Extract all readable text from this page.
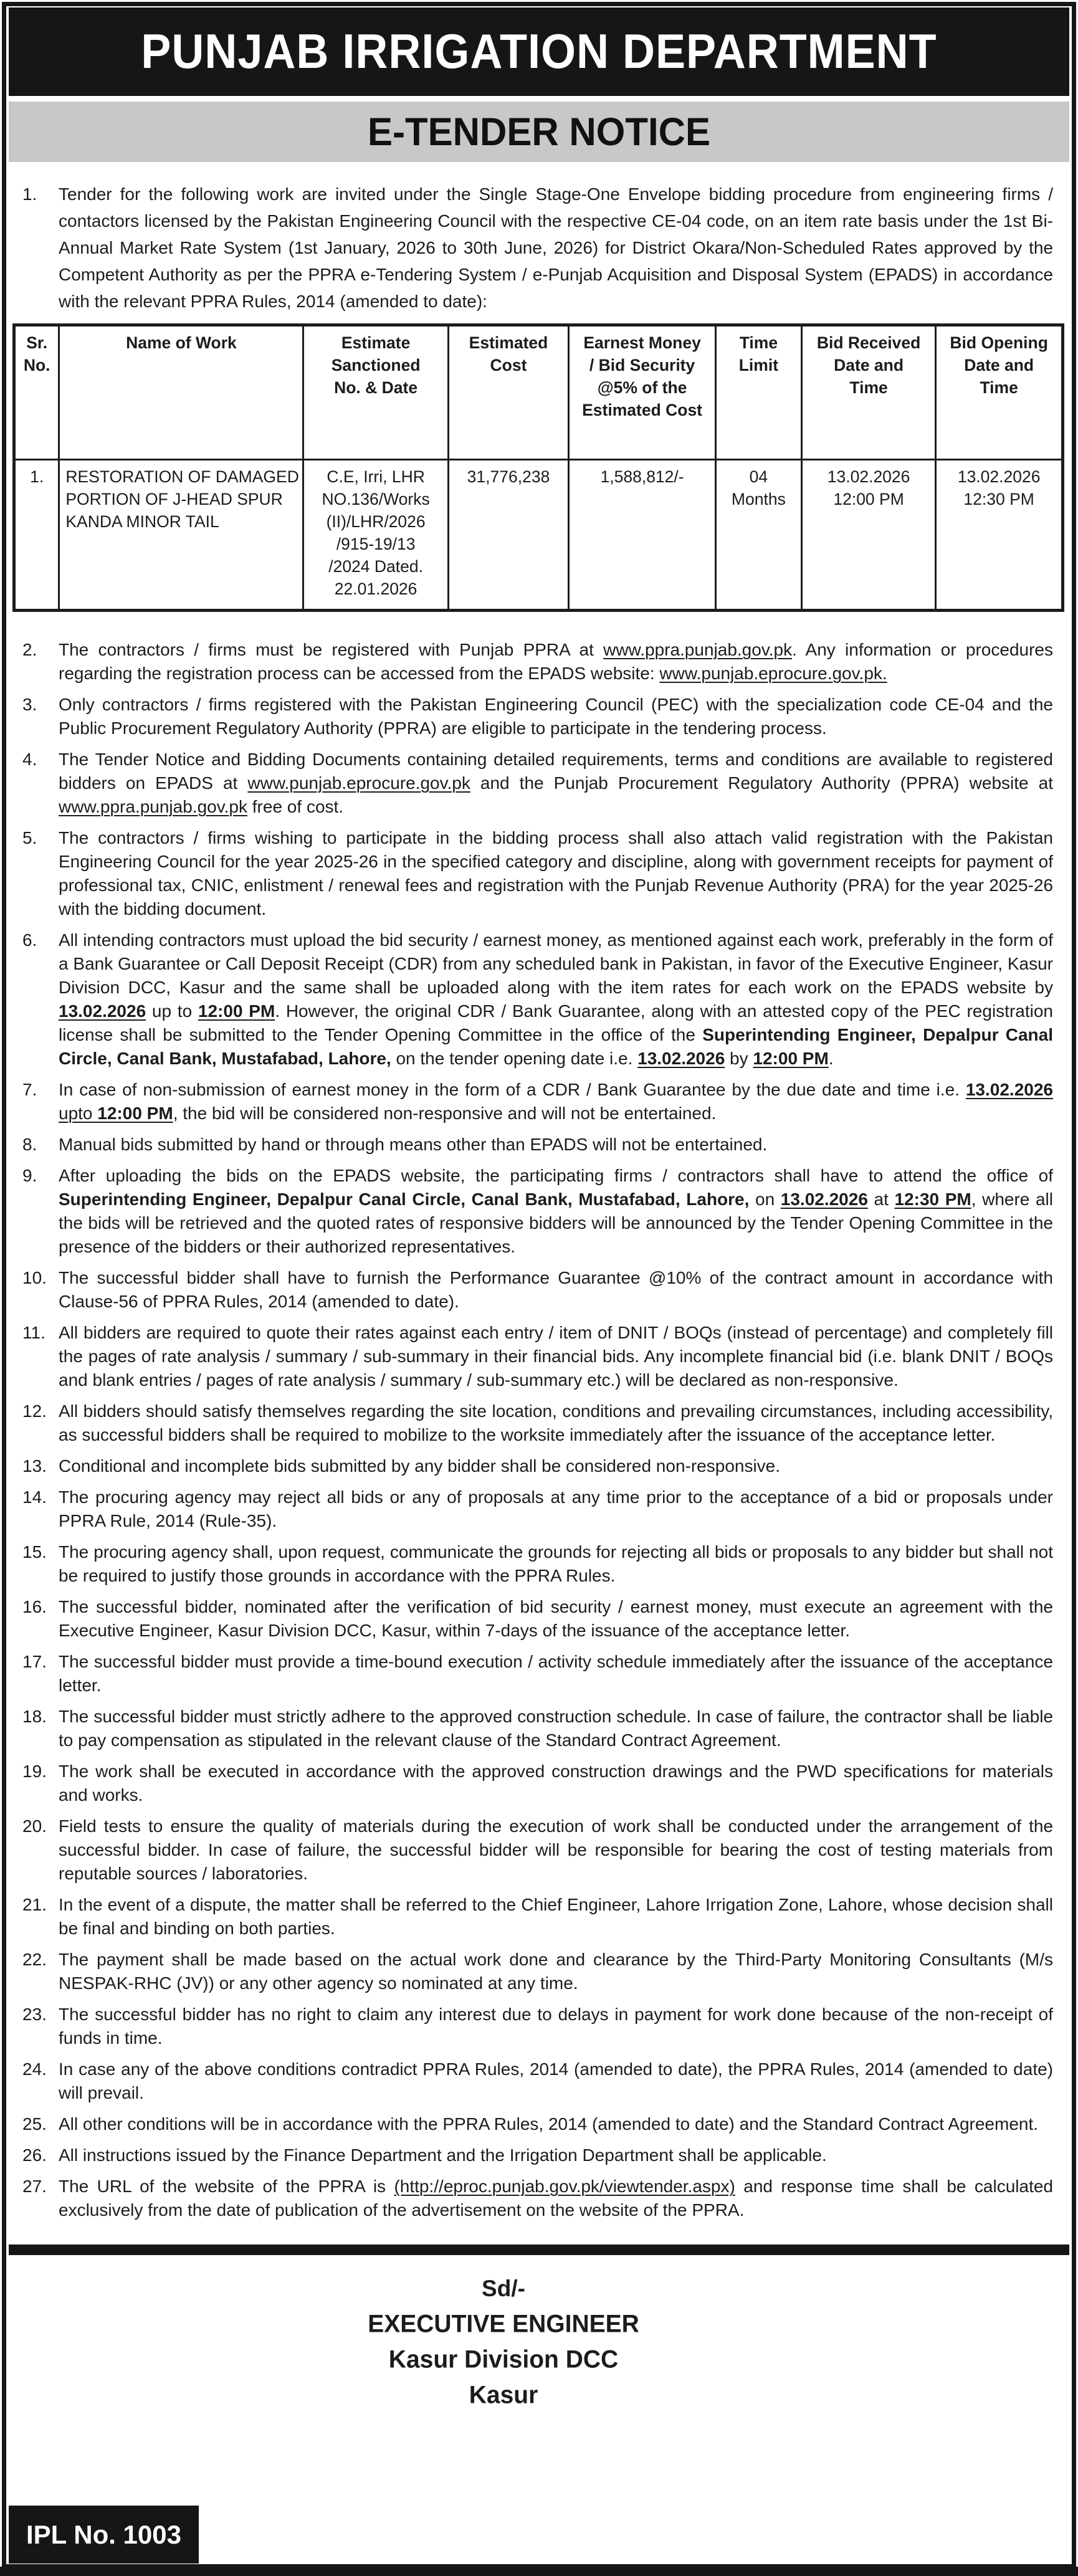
PUNJAB IRRIGATION DEPARTMENT
E-TENDER NOTICE
1.	Tender for the following work are invited under the Single Stage-One Envelope bidding procedure from engineering firms / contactors licensed by the Pakistan Engineering Council with the respective CE-04 code, on an item rate basis under the 1st Bi-Annual Market Rate System (1st January, 2026 to 30th June, 2026) for District Okara/Non-Scheduled Rates approved by the Competent Authority as per the PPRA e-Tendering System / e-Punjab Acquisition and Disposal System (EPADS) in accordance with the relevant PPRA Rules, 2014 (amended to date):
Sr.
No.	Name of Work	Estimate
Sanctioned
No. & Date	Estimated
Cost	Earnest Money
/ Bid Security
@5% of the
Estimated Cost	Time
Limit	Bid Received
Date and
Time	Bid Opening
Date and
Time
1.	RESTORATION OF DAMAGED
PORTION OF J-HEAD SPUR
KANDA MINOR TAIL	C.E, Irri, LHR
NO.136/Works
(II)/LHR/2026
/915-19/13
/2024 Dated.
22.01.2026	31,776,238	1,588,812/-	04
Months	13.02.2026
12:00 PM	13.02.2026
12:30 PM
2.	The contractors / firms must be registered with Punjab PPRA at www.ppra.punjab.gov.pk. Any information or procedures regarding the registration process can be accessed from the EPADS website: www.punjab.eprocure.gov.pk.
3.	Only contractors / firms registered with the Pakistan Engineering Council (PEC) with the specialization code CE-04 and the Public Procurement Regulatory Authority (PPRA) are eligible to participate in the tendering process.
4.	The Tender Notice and Bidding Documents containing detailed requirements, terms and conditions are available to registered bidders on EPADS at www.punjab.eprocure.gov.pk and the Punjab Procurement Regulatory Authority (PPRA) website at www.ppra.punjab.gov.pk free of cost.
5.	The contractors / firms wishing to participate in the bidding process shall also attach valid registration with the Pakistan Engineering Council for the year 2025-26 in the specified category and discipline, along with government receipts for payment of professional tax, CNIC, enlistment / renewal fees and registration with the Punjab Revenue Authority (PRA) for the year 2025-26 with the bidding document.
6.	All intending contractors must upload the bid security / earnest money, as mentioned against each work, preferably in the form of a Bank Guarantee or Call Deposit Receipt (CDR) from any scheduled bank in Pakistan, in favor of the Executive Engineer, Kasur Division DCC, Kasur and the same shall be uploaded along with the item rates for each work on the EPADS website by 13.02.2026 up to 12:00 PM. However, the original CDR / Bank Guarantee, along with an attested copy of the PEC registration license shall be submitted to the Tender Opening Committee in the office of the Superintending Engineer, Depalpur Canal Circle, Canal Bank, Mustafabad, Lahore, on the tender opening date i.e. 13.02.2026 by 12:00 PM.
7.	In case of non-submission of earnest money in the form of a CDR / Bank Guarantee by the due date and time i.e. 13.02.2026 upto 12:00 PM, the bid will be considered non-responsive and will not be entertained.
8.	Manual bids submitted by hand or through means other than EPADS will not be entertained.
9.	After uploading the bids on the EPADS website, the participating firms / contractors shall have to attend the office of Superintending Engineer, Depalpur Canal Circle, Canal Bank, Mustafabad, Lahore, on 13.02.2026 at 12:30 PM, where all the bids will be retrieved and the quoted rates of responsive bidders will be announced by the Tender Opening Committee in the presence of the bidders or their authorized representatives.
10. The successful bidder shall have to furnish the Performance Guarantee @10% of the contract amount in accordance with Clause-56 of PPRA Rules, 2014 (amended to date).
11. All bidders are required to quote their rates against each entry / item of DNIT / BOQs (instead of percentage) and completely fill the pages of rate analysis / summary / sub-summary in their financial bids. Any incomplete financial bid (i.e. blank DNIT / BOQs and blank entries / pages of rate analysis / summary / sub-summary etc.) will be declared as non-responsive.
12. All bidders should satisfy themselves regarding the site location, conditions and prevailing circumstances, including accessibility, as successful bidders shall be required to mobilize to the worksite immediately after the issuance of the acceptance letter.
13. Conditional and incomplete bids submitted by any bidder shall be considered non-responsive.
14. The procuring agency may reject all bids or any of proposals at any time prior to the acceptance of a bid or proposals under PPRA Rule, 2014 (Rule-35).
15. The procuring agency shall, upon request, communicate the grounds for rejecting all bids or proposals to any bidder but shall not be required to justify those grounds in accordance with the PPRA Rules.
16. The successful bidder, nominated after the verification of bid security / earnest money, must execute an agreement with the Executive Engineer, Kasur Division DCC, Kasur, within 7-days of the issuance of the acceptance letter.
17. The successful bidder must provide a time-bound execution / activity schedule immediately after the issuance of the acceptance letter.
18. The successful bidder must strictly adhere to the approved construction schedule. In case of failure, the contractor shall be liable to pay compensation as stipulated in the relevant clause of the Standard Contract Agreement.
19. The work shall be executed in accordance with the approved construction drawings and the PWD specifications for materials and works.
20. Field tests to ensure the quality of materials during the execution of work shall be conducted under the arrangement of the successful bidder. In case of failure, the successful bidder will be responsible for bearing the cost of testing materials from reputable sources / laboratories.
21. In the event of a dispute, the matter shall be referred to the Chief Engineer, Lahore Irrigation Zone, Lahore, whose decision shall be final and binding on both parties.
22. The payment shall be made based on the actual work done and clearance by the Third-Party Monitoring Consultants (M/s NESPAK-RHC (JV)) or any other agency so nominated at any time.
23. The successful bidder has no right to claim any interest due to delays in payment for work done because of the non-receipt of funds in time.
24. In case any of the above conditions contradict PPRA Rules, 2014 (amended to date), the PPRA Rules, 2014 (amended to date) will prevail.
25. All other conditions will be in accordance with the PPRA Rules, 2014 (amended to date) and the Standard Contract Agreement.
26. All instructions issued by the Finance Department and the Irrigation Department shall be applicable.
27. The URL of the website of the PPRA is (http://eproc.punjab.gov.pk/viewtender.aspx) and response time shall be calculated exclusively from the date of publication of the advertisement on the website of the PPRA.
Sd/-
EXECUTIVE ENGINEER
Kasur Division DCC
Kasur
IPL No. 1003
